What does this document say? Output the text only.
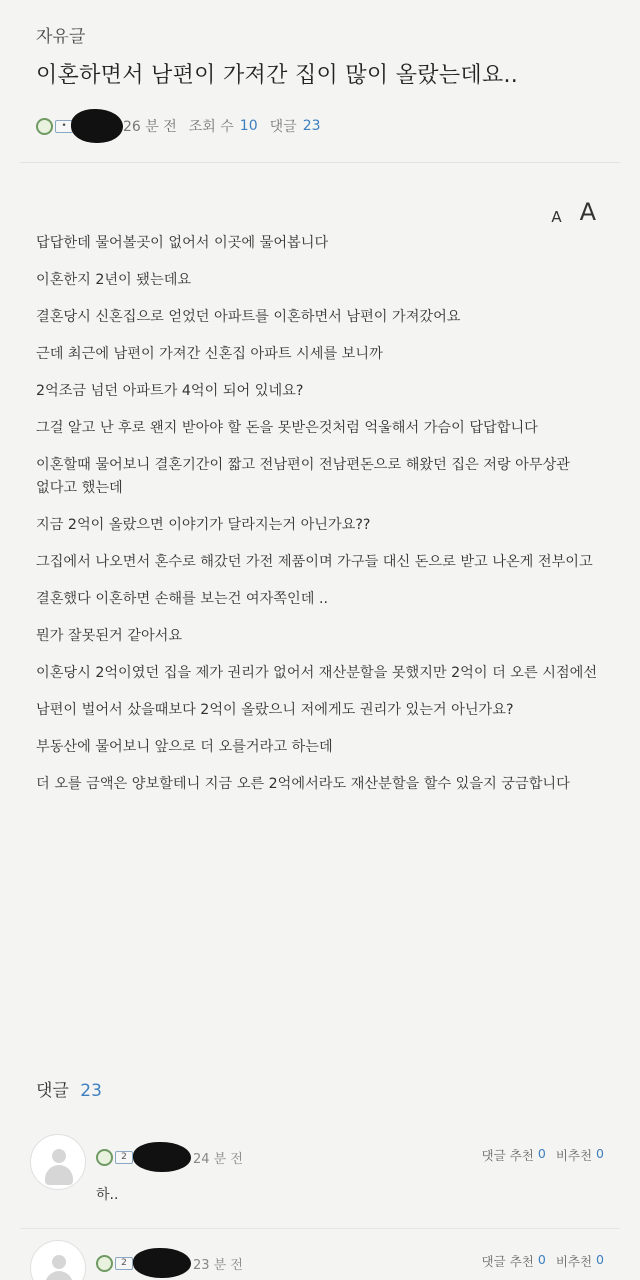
자유글
이혼하면서 남편이 가져간 집이 많이 올랐는데요..
•	26 분 전 조회 수 10 댓글 23
A A

답답한데 물어볼곳이 없어서 이곳에 물어봅니다

이혼한지 2년이 됐는데요

결혼당시 신혼집으로 얻었던 아파트를 이혼하면서 남편이 가져갔어요

근데 최근에 남편이 가져간 신혼집 아파트 시세를 보니까

2억조금 넘던 아파트가 4억이 되어 있네요?

그걸 알고 난 후로 왠지 받아야 할 돈을 못받은것처럼 억울해서 가슴이 답답합니다

이혼할때 물어보니 결혼기간이 짧고 전남편이 전남편돈으로 해왔던 집은 저랑 아무상관 없다고 했는데

지금 2억이 올랐으면 이야기가 달라지는거 아닌가요??

그집에서 나오면서 혼수로 해갔던 가전 제품이며 가구들 대신 돈으로 받고 나온게 전부이고

결혼했다 이혼하면 손해를 보는건 여자쪽인데 ..

뭔가 잘못된거 같아서요

이혼당시 2억이였던 집을 제가 권리가 없어서 재산분할을 못했지만 2억이 더 오른 시점에선

남편이 벌어서 샀을때보다 2억이 올랐으니 저에게도 권리가 있는거 아닌가요?

부동산에 물어보니 앞으로 더 오를거라고 하는데

더 오를 금액은 양보할테니 지금 오른 2억에서라도 재산분할을 할수 있을지 궁금합니다

댓글 23
2	24 분 전	댓글 추천 0 비추천 0
하..
2	23 분 전	댓글 추천 0 비추천 0
